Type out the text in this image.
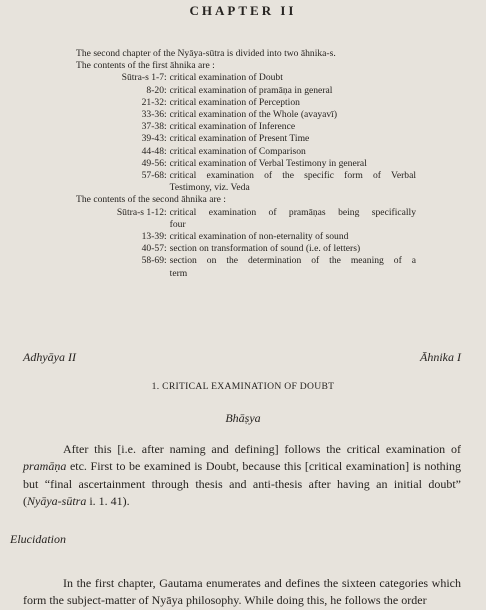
CHAPTER II

The second chapter of the Nyāya-sūtra is divided into two āhnika-s.

The contents of the first āhnika are :

Sūtra-s 1-7 : critical examination of Doubt
8-20 : critical examination of pramāṇa in general
21-32 : critical examination of Perception
33-36 : critical examination of the Whole (avayavī)
37-38 : critical examination of Inference
39-43 : critical examination of Present Time
44-48 : critical examination of Comparison
49-56 : critical examination of Verbal Testimony in general
57-68 : critical examination of the specific form of Verbal
Testimony, viz. Veda

The contents of the second āhnika are :

Sūtra-s 1-12 : critical examination of pramāṇas being specifically
four
13-39 : critical examination of non-eternality of sound
40-57 : section on transformation of sound (i.e. of letters)
58-69 : section on the determination of the meaning of a
term
Adhyāya II	Āhnika I
1. CRITICAL EXAMINATION OF DOUBT
Bhāṣya

After this [i.e. after naming and defining] follows the critical examination of pramāṇa etc. First to be examined is Doubt, because this [critical examination] is nothing but “final ascertainment through thesis and anti-thesis after having an initial doubt” (Nyāya-sūtra i. 1. 41).

Elucidation

In the first chapter, Gautama enumerates and defines the sixteen categories which form the subject-matter of Nyāya philosophy. While doing this, he follows the order
